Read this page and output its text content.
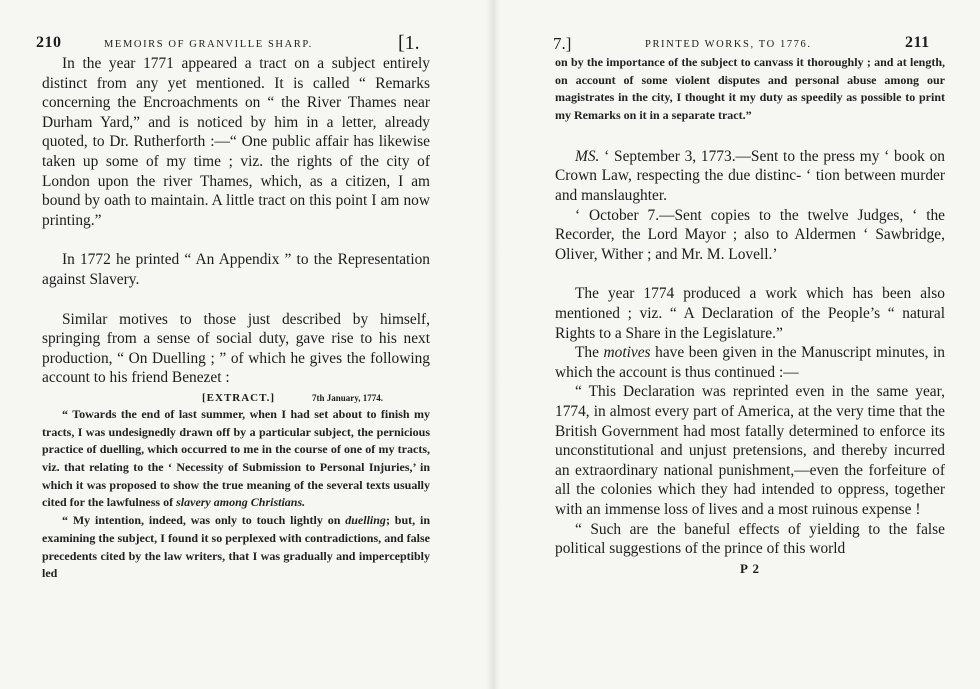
210	MEMOIRS OF GRANVILLE SHARP.	[1.

In the year 1771 appeared a tract on a subject entirely distinct from any yet mentioned. It is called “ Remarks concerning the Encroachments on “ the River Thames near Durham Yard,” and is noticed by him in a letter, already quoted, to Dr. Rutherforth :—“ One public affair has likewise taken up some of my time ; viz. the rights of the city of London upon the river Thames, which, as a citizen, I am bound by oath to maintain. A little tract on this point I am now printing.”

In 1772 he printed “ An Appendix ” to the Representation against Slavery.

Similar motives to those just described by himself, springing from a sense of social duty, gave rise to his next production, “ On Duelling ; ” of which he gives the following account to his friend Benezet :

[EXTRACT.]	7th January, 1774.

“ Towards the end of last summer, when I had set about to finish my tracts, I was undesignedly drawn off by a particular subject, the pernicious practice of duelling, which occurred to me in the course of one of my tracts, viz. that relating to the ‘ Necessity of Submission to Personal Injuries,’ in which it was proposed to show the true meaning of the several texts usually cited for the lawfulness of slavery among Christians.

“ My intention, indeed, was only to touch lightly on duelling; but, in examining the subject, I found it so perplexed with contradictions, and false precedents cited by the law writers, that I was gradually and imperceptibly led

7.]	PRINTED WORKS, TO 1776.	211

on by the importance of the subject to canvass it thoroughly ; and at length, on account of some violent disputes and personal abuse among our magistrates in the city, I thought it my duty as speedily as possible to print my Remarks on it in a separate tract.”

MS. ‘ September 3, 1773.—Sent to the press my ‘ book on Crown Law, respecting the due distinc- ‘ tion between murder and manslaughter.

‘ October 7.—Sent copies to the twelve Judges, ‘ the Recorder, the Lord Mayor ; also to Aldermen ‘ Sawbridge, Oliver, Wither ; and Mr. M. Lovell.’

The year 1774 produced a work which has been also mentioned ; viz. “ A Declaration of the People’s “ natural Rights to a Share in the Legislature.”

The motives have been given in the Manuscript minutes, in which the account is thus continued :—

“ This Declaration was reprinted even in the same year, 1774, in almost every part of America, at the very time that the British Government had most fatally determined to enforce its unconstitutional and unjust pretensions, and thereby incurred an extraordinary national punishment,—even the forfeiture of all the colonies which they had intended to oppress, together with an immense loss of lives and a most ruinous expense !

“ Such are the baneful effects of yielding to the false political suggestions of the prince of this world

P 2
